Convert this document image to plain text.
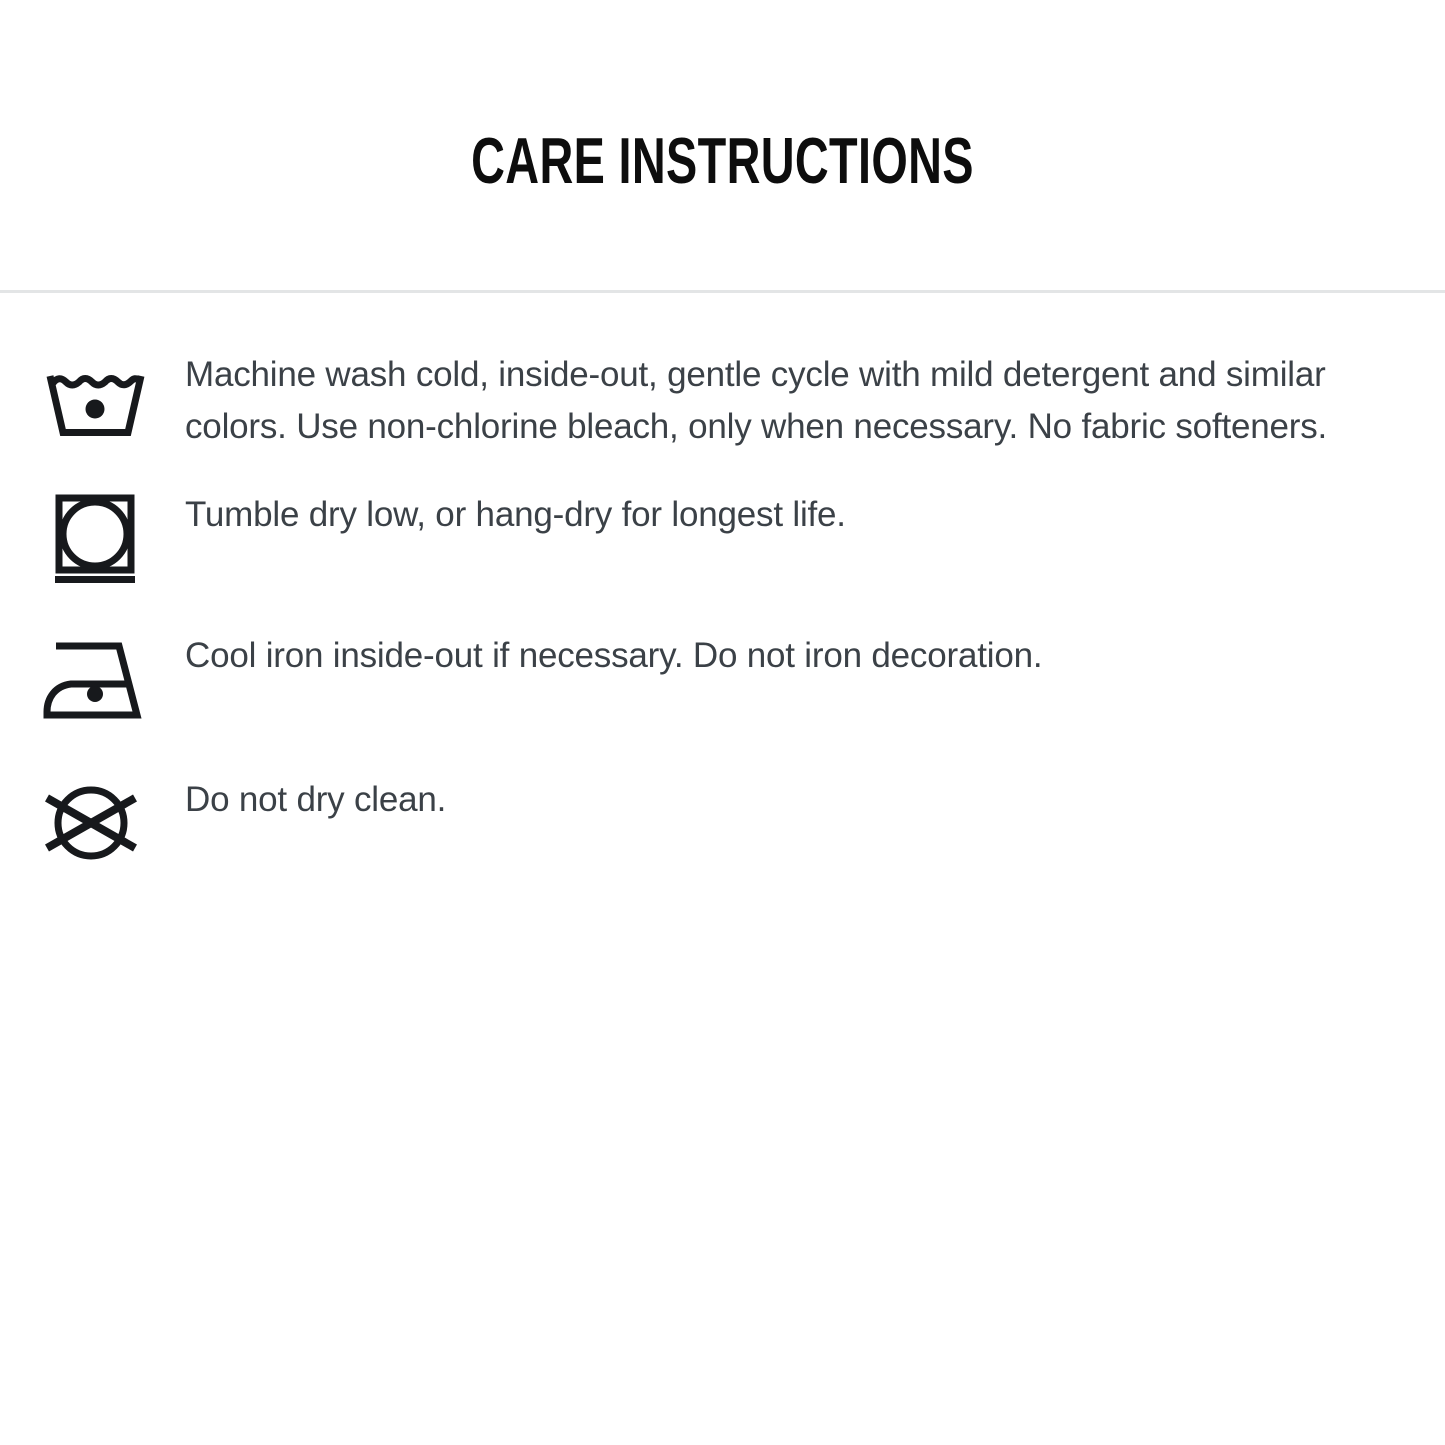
CARE INSTRUCTIONS
Machine wash cold, inside-out, gentle cycle with mild detergent and similar
colors. Use non-chlorine bleach, only when necessary. No fabric softeners.
Tumble dry low, or hang-dry for longest life.
Cool iron inside-out if necessary. Do not iron decoration.
Do not dry clean.
